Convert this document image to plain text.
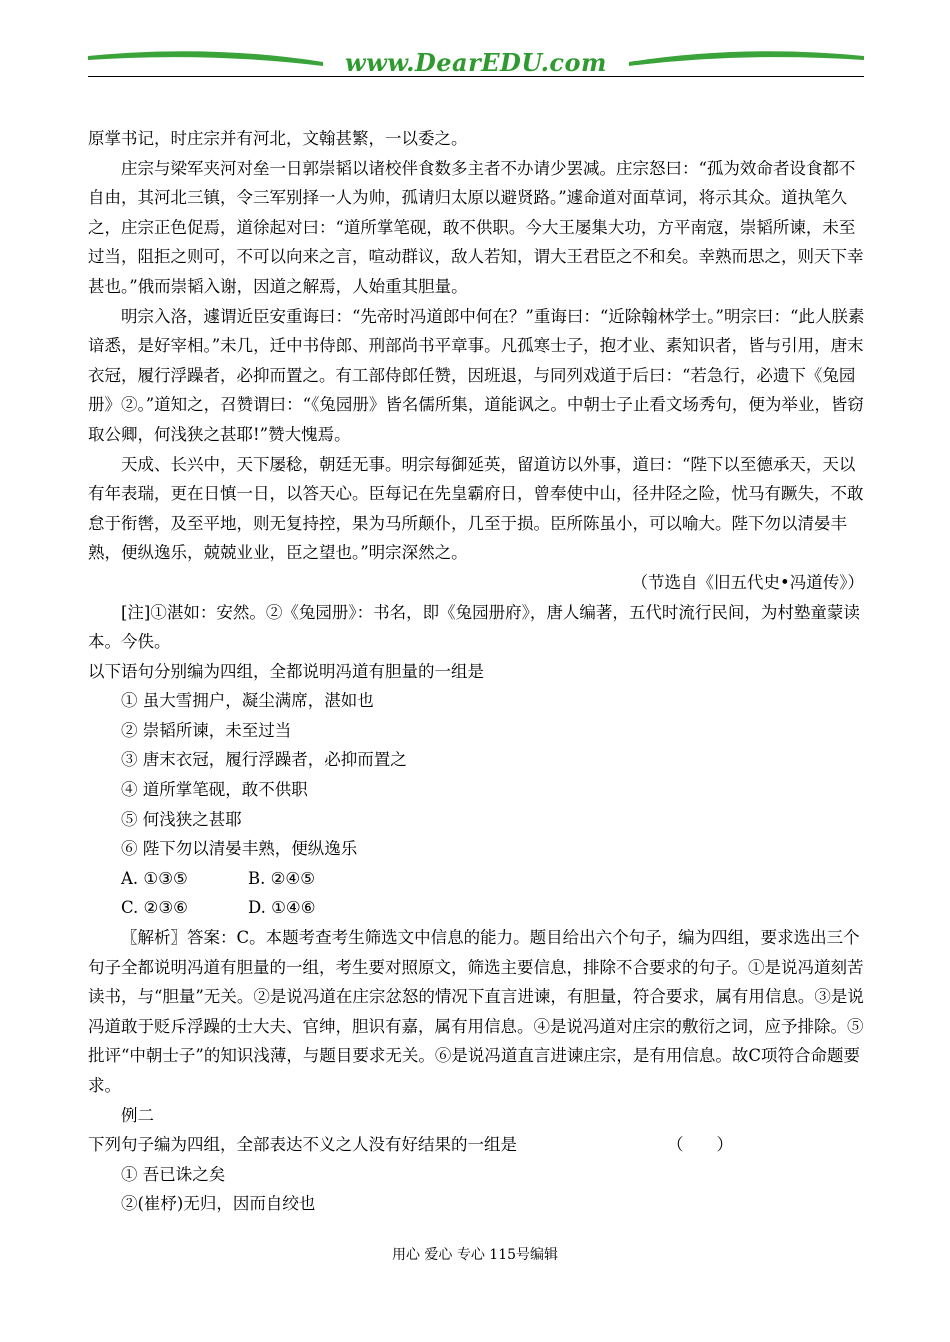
www.DearEDU.com

原掌书记，时庄宗并有河北，文翰甚繁，一以委之。

庄宗与梁军夹河对垒一日郭崇韬以诸校伴食数多主者不办请少罢减。庄宗怒曰：“孤为效命者设食都不自由，其河北三镇，令三军别择一人为帅，孤请归太原以避贤路。”遽命道对面草词，将示其众。道执笔久之，庄宗正色促焉，道徐起对曰：“道所掌笔砚，敢不供职。今大王屡集大功，方平南寇，崇韬所谏，未至过当，阻拒之则可，不可以向来之言，喧动群议，敌人若知，谓大王君臣之不和矣。幸熟而思之，则天下幸甚也。”俄而崇韬入谢，因道之解焉，人始重其胆量。

明宗入洛，遽谓近臣安重诲曰：“先帝时冯道郎中何在？”重诲曰：“近除翰林学士。”明宗曰：“此人朕素谙悉，是好宰相。”未几，迁中书侍郎、刑部尚书平章事。凡孤寒士子，抱才业、素知识者，皆与引用，唐末衣冠，履行浮躁者，必抑而置之。有工部侍郎任赞，因班退，与同列戏道于后曰：“若急行，必遗下《兔园册》②。”道知之，召赞谓曰：“《兔园册》皆名儒所集，道能讽之。中朝士子止看文场秀句，便为举业，皆窃取公卿，何浅狭之甚耶!”赞大愧焉。

天成、长兴中，天下屡稔，朝廷无事。明宗每御延英，留道访以外事，道曰：“陛下以至德承天，天以有年表瑞，更在日慎一日，以答天心。臣每记在先皇霸府日，曾奉使中山，径井陉之险，忧马有蹶失，不敢怠于衔辔，及至平地，则无复持控，果为马所颠仆，几至于损。臣所陈虽小，可以喻大。陛下勿以清晏丰熟，便纵逸乐，兢兢业业，臣之望也。”明宗深然之。

（节选自《旧五代史•冯道传》）

[注]①湛如：安然。②《兔园册》：书名，即《兔园册府》，唐人编著，五代时流行民间，为村塾童蒙读本。今佚。

以下语句分别编为四组，全都说明冯道有胆量的一组是

① 虽大雪拥户，凝尘满席，湛如也

② 崇韬所谏，未至过当

③ 唐末衣冠，履行浮躁者，必抑而置之

④ 道所掌笔砚，敢不供职

⑤ 何浅狭之甚耶

⑥ 陛下勿以清晏丰熟，便纵逸乐

A. ①③⑤	B. ②④⑤

C. ②③⑥	D. ①④⑥

〖解析〗答案：C。本题考查考生筛选文中信息的能力。题目给出六个句子，编为四组，要求选出三个句子全都说明冯道有胆量的一组，考生要对照原文，筛选主要信息，排除不合要求的句子。①是说冯道刻苦读书，与“胆量”无关。②是说冯道在庄宗忿怒的情况下直言进谏，有胆量，符合要求，属有用信息。③是说冯道敢于贬斥浮躁的士大夫、官绅，胆识有嘉，属有用信息。④是说冯道对庄宗的敷衍之词，应予排除。⑤批评“中朝士子”的知识浅薄，与题目要求无关。⑥是说冯道直言进谏庄宗，是有用信息。故C项符合命题要求。

例二

下列句子编为四组，全部表达不义之人没有好结果的一组是	（　　）

① 吾已诛之矣

②(崔杼)无归，因而自绞也

用心 爱心 专心 115号编辑
